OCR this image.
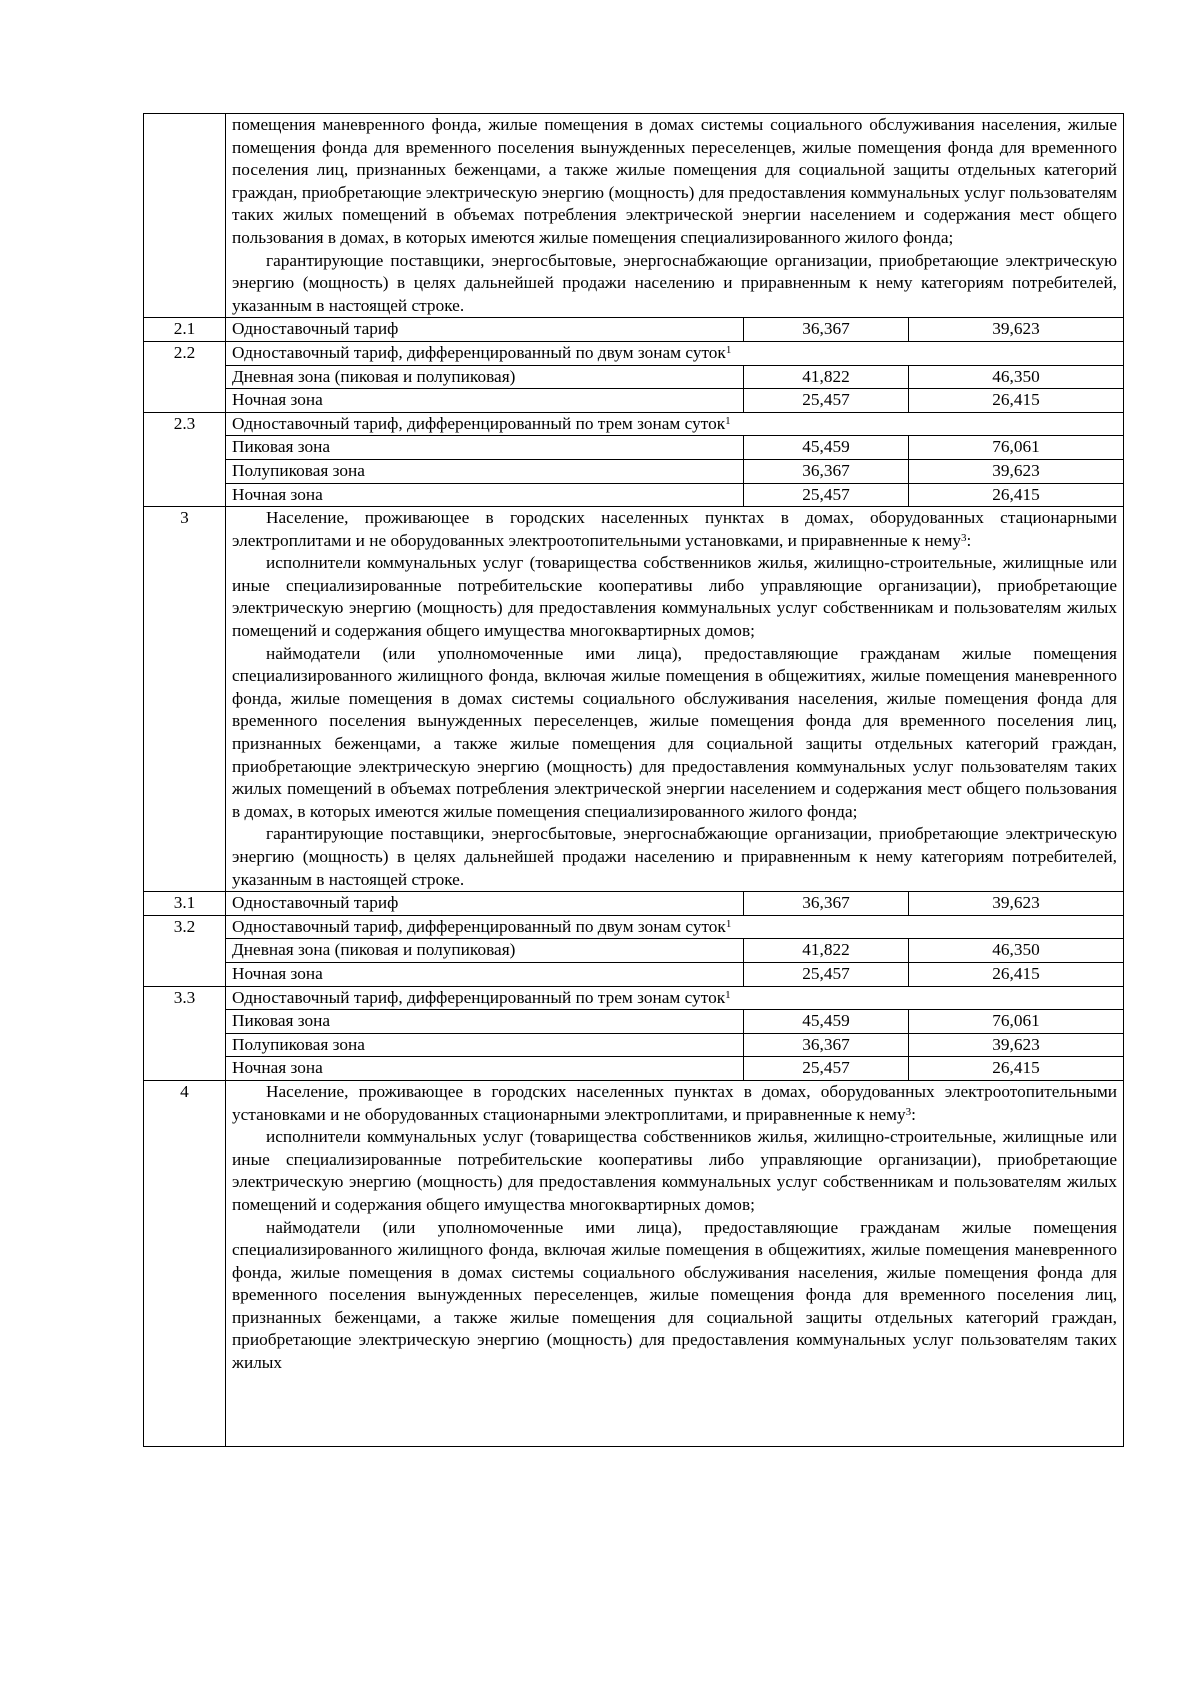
	помещения маневренного фонда, жилые помещения в домах системы социального обслуживания населения, жилые помещения фонда для временного поселения вынужденных переселенцев, жилые помещения фонда для временного поселения лиц, признанных беженцами, а также жилые помещения для социальной защиты отдельных категорий граждан, приобретающие электрическую энергию (мощность) для предоставления коммунальных услуг пользователям таких жилых помещений в объемах потребления электрической энергии населением и содержания мест общего пользования в домах, в которых имеются жилые помещения специализированного жилого фонда;

гарантирующие поставщики, энергосбытовые, энергоснабжающие организации, приобретающие электрическую энергию (мощность) в целях дальнейшей продажи населению и приравненным к нему категориям потребителей, указанным в настоящей строке.		

2.1	Одноставочный тариф	36,367	39,623
2.2	Одноставочный тариф, дифференцированный по двум зонам суток$^1$
	Дневная зона (пиковая и полупиковая)	41,822	46,350
	Ночная зона	25,457	26,415
2.3	Одноставочный тариф, дифференцированный по трем зонам суток$^1$
	Пиковая зона	45,459	76,061
	Полупиковая зона	36,367	39,623
	Ночная зона	25,457	26,415
3	Население, проживающее в городских населенных пунктах в домах, оборудованных стационарными электроплитами и не оборудованных электроотопительными установками, и приравненные к нему$^3$:

исполнители коммунальных услуг (товарищества собственников жилья, жилищно-строительные, жилищные или иные специализированные потребительские кооперативы либо управляющие организации), приобретающие электрическую энергию (мощность) для предоставления коммунальных услуг собственникам и пользователям жилых помещений и содержания общего имущества многоквартирных домов;

наймодатели (или уполномоченные ими лица), предоставляющие гражданам жилые помещения специализированного жилищного фонда, включая жилые помещения в общежитиях, жилые помещения маневренного фонда, жилые помещения в домах системы социального обслуживания населения, жилые помещения фонда для временного поселения вынужденных переселенцев, жилые помещения фонда для временного поселения лиц, признанных беженцами, а также жилые помещения для социальной защиты отдельных категорий граждан, приобретающие электрическую энергию (мощность) для предоставления коммунальных услуг пользователям таких жилых помещений в объемах потребления электрической энергии населением и содержания мест общего пользования в домах, в которых имеются жилые помещения специализированного жилого фонда;

гарантирующие поставщики, энергосбытовые, энергоснабжающие организации, приобретающие электрическую энергию (мощность) в целях дальнейшей продажи населению и приравненным к нему категориям потребителей, указанным в настоящей строке.		

3.1	Одноставочный тариф	36,367	39,623
3.2	Одноставочный тариф, дифференцированный по двум зонам суток$^1$
	Дневная зона (пиковая и полупиковая)	41,822	46,350
	Ночная зона	25,457	26,415
3.3	Одноставочный тариф, дифференцированный по трем зонам суток$^1$
	Пиковая зона	45,459	76,061
	Полупиковая зона	36,367	39,623
	Ночная зона	25,457	26,415
4	Население, проживающее в городских населенных пунктах в домах, оборудованных электроотопительными установками и не оборудованных стационарными электроплитами, и приравненные к нему$^3$:

исполнители коммунальных услуг (товарищества собственников жилья, жилищно-строительные, жилищные или иные специализированные потребительские кооперативы либо управляющие организации), приобретающие электрическую энергию (мощность) для предоставления коммунальных услуг собственникам и пользователям жилых помещений и содержания общего имущества многоквартирных домов;

наймодатели (или уполномоченные ими лица), предоставляющие гражданам жилые помещения специализированного жилищного фонда, включая жилые помещения в общежитиях, жилые помещения маневренного фонда, жилые помещения в домах системы социального обслуживания населения, жилые помещения фонда для временного поселения вынужденных переселенцев, жилые помещения фонда для временного поселения лиц, признанных беженцами, а также жилые помещения для социальной защиты отдельных категорий граждан, приобретающие электрическую энергию (мощность) для предоставления коммунальных услуг пользователям таких жилых		
